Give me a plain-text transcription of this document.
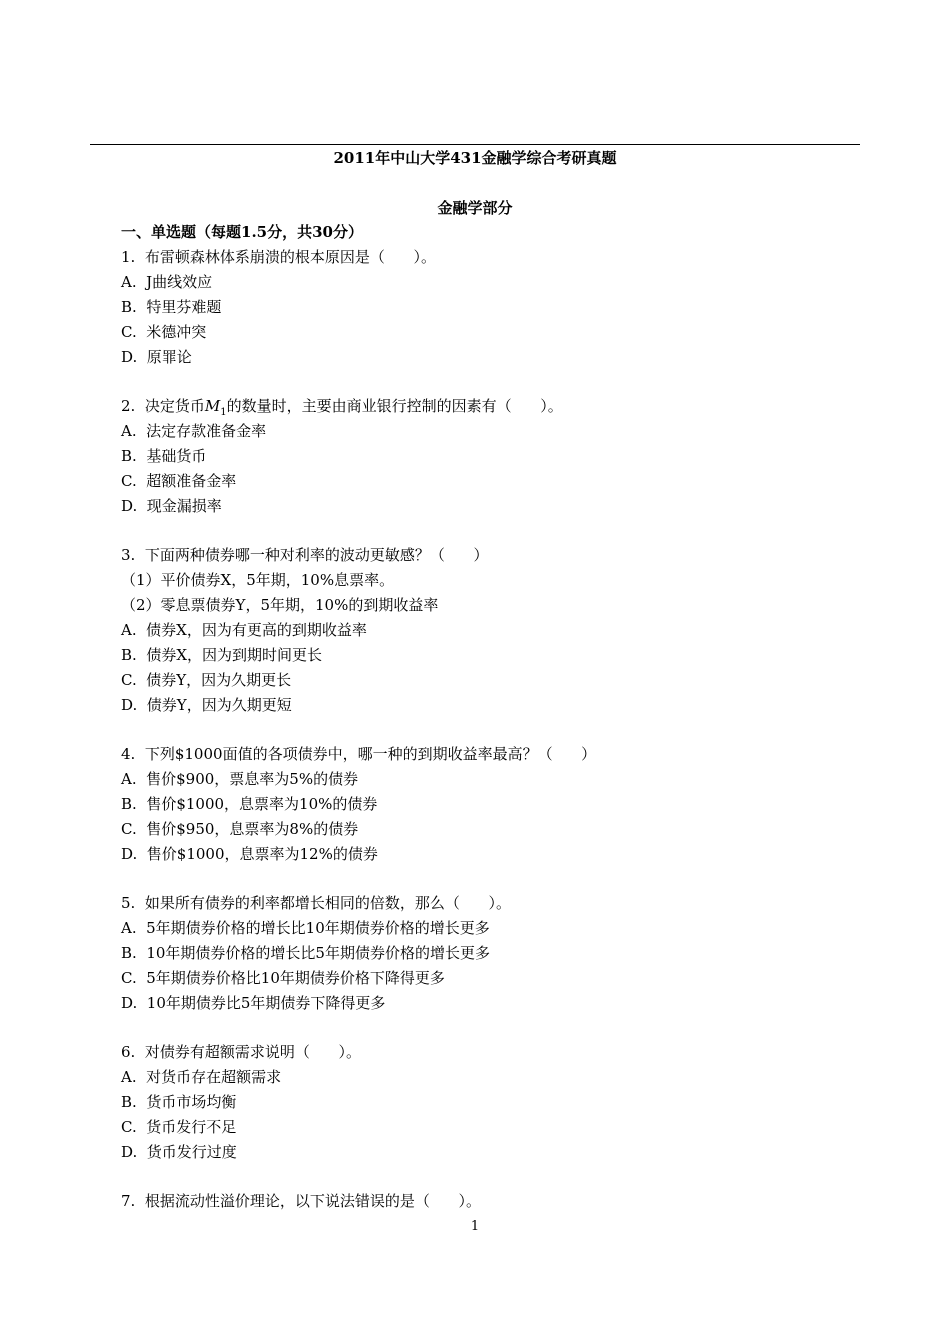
2011年中山大学431金融学综合考研真题
金融学部分
一、单选题（每题1.5分，共30分）
1.  布雷顿森林体系崩溃的根本原因是（      ）。
A.  J曲线效应
B.  特里芬难题
C.  米德冲突
D.  原罪论
2.  决定货币$M_1$的数量时，主要由商业银行控制的因素有（      ）。
A.  法定存款准备金率
B.  基础货币
C.  超额准备金率
D.  现金漏损率
3.  下面两种债券哪一种对利率的波动更敏感？（      ）
（1）平价债券X，5年期，10%息票率。
（2）零息票债券Y，5年期，10%的到期收益率
A.  债券X，因为有更高的到期收益率
B.  债券X，因为到期时间更长
C.  债券Y，因为久期更长
D.  债券Y，因为久期更短
4.  下列$1000面值的各项债券中，哪一种的到期收益率最高？（      ）
A.  售价$900，票息率为5%的债券
B.  售价$1000，息票率为10%的债券
C.  售价$950，息票率为8%的债券
D.  售价$1000，息票率为12%的债券
5.  如果所有债券的利率都增长相同的倍数，那么（      ）。
A.  5年期债券价格的增长比10年期债券价格的增长更多
B.  10年期债券价格的增长比5年期债券价格的增长更多
C.  5年期债券价格比10年期债券价格下降得更多
D.  10年期债券比5年期债券下降得更多
6.  对债券有超额需求说明（      ）。
A.  对货币存在超额需求
B.  货币市场均衡
C.  货币发行不足
D.  货币发行过度
7.  根据流动性溢价理论，以下说法错误的是（      ）。
1
